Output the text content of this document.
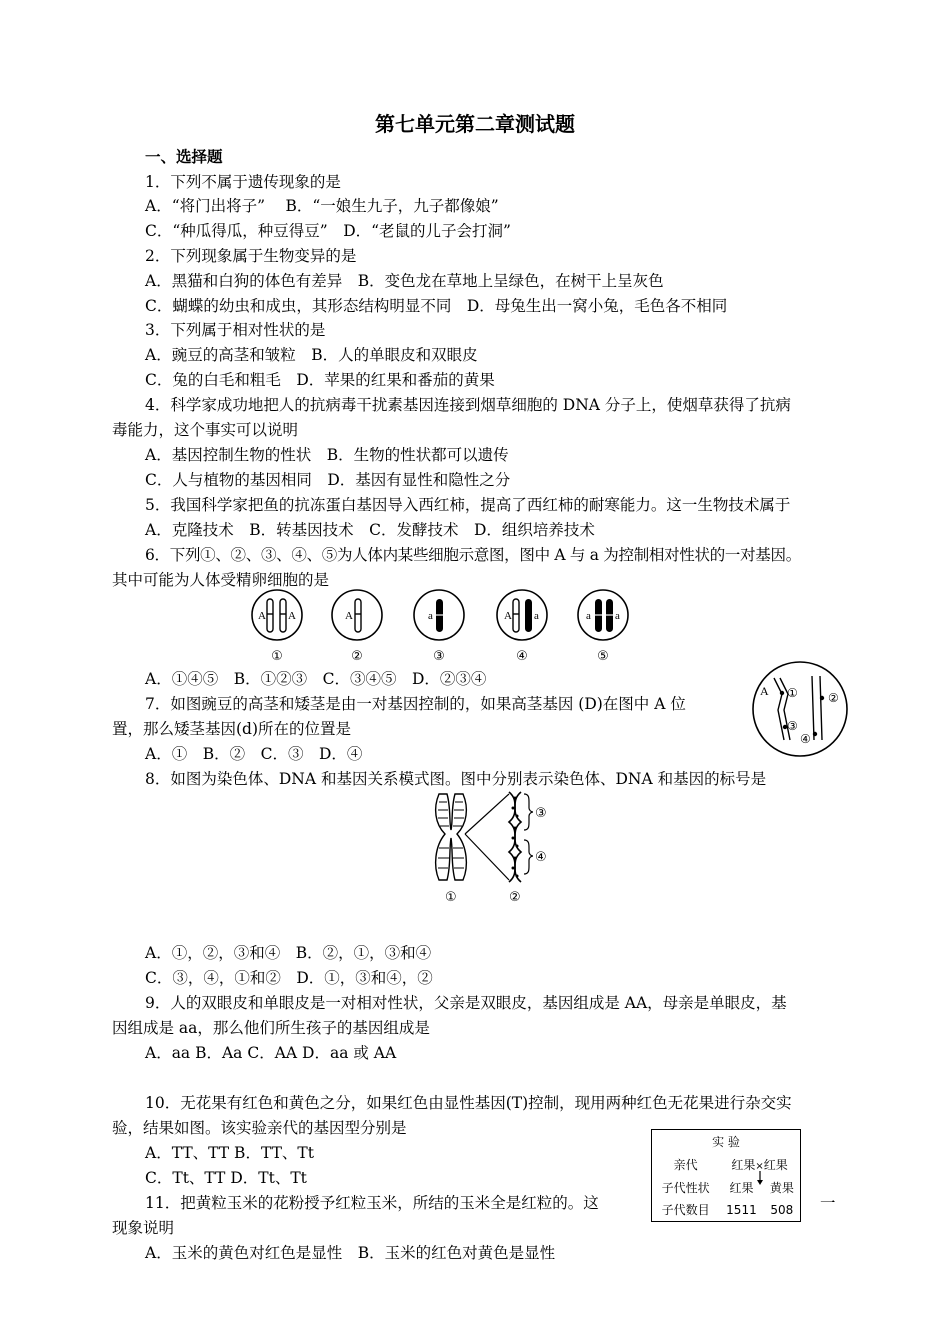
第七单元第二章测试题
一、选择题
1．下列不属于遗传现象的是
A．“将门出将子”　 B．“一娘生九子，九子都像娘”
C．“种瓜得瓜，种豆得豆”　D．“老鼠的儿子会打洞”
2．下列现象属于生物变异的是
A．黑猫和白狗的体色有差异　B．变色龙在草地上呈绿色，在树干上呈灰色
C．蝴蝶的幼虫和成虫，其形态结构明显不同　D．母兔生出一窝小兔，毛色各不相同
3．下列属于相对性状的是
A．豌豆的高茎和皱粒　B．人的单眼皮和双眼皮
C．兔的白毛和粗毛　D．苹果的红果和番茄的黄果
4．科学家成功地把人的抗病毒干扰素基因连接到烟草细胞的 DNA 分子上，使烟草获得了抗病
毒能力，这个事实可以说明
A．基因控制生物的性状　B．生物的性状都可以遗传
C．人与植物的基因相同　D．基因有显性和隐性之分
5．我国科学家把鱼的抗冻蛋白基因导入西红柿，提高了西红柿的耐寒能力。这一生物技术属于
A．克隆技术　B．转基因技术　C．发酵技术　D．组织培养技术
6．下列①、②、③、④、⑤为人体内某些细胞示意图，图中 A 与 a 为控制相对性状的一对基因。
其中可能为人体受精卵细胞的是
A A	A	a	A a	a a
①	②	③	④	⑤
A．①④⑤　B．①②③　C．③④⑤　D．②③④
A ①	②
③
④
7．如图豌豆的高茎和矮茎是由一对基因控制的，如果高茎基因 (D)在图中 A 位
置，那么矮茎基因(d)所在的位置是
A．①　B．②　C．③　D．④
8．如图为染色体、DNA 和基因关系模式图。图中分别表示染色体、DNA 和基因的标号是
③
④
①	②
A．①，②，③和④　B．②，①，③和④
C．③，④，①和②　D．①，③和④，②
9．人的双眼皮和单眼皮是一对相对性状，父亲是双眼皮，基因组成是 AA，母亲是单眼皮，基
因组成是 aa，那么他们所生孩子的基因组成是
A．aa B．Aa C．AA D．aa 或 AA
10．无花果有红色和黄色之分，如果红色由显性基因(T)控制，现用两种红色无花果进行杂交实
验，结果如图。该实验亲代的基因型分别是
A．TT、TT B．TT、Tt
C．Tt、TT D．Tt、Tt
11．把黄粒玉米的花粉授予红粒玉米，所结的玉米全是红粒的。这
现象说明
A．玉米的黄色对红色是显性　B．玉米的红色对黄色是显性
实 验		
亲代	红果×红果	
子代性状	红果	黄果
子代数目	1511	508 一
